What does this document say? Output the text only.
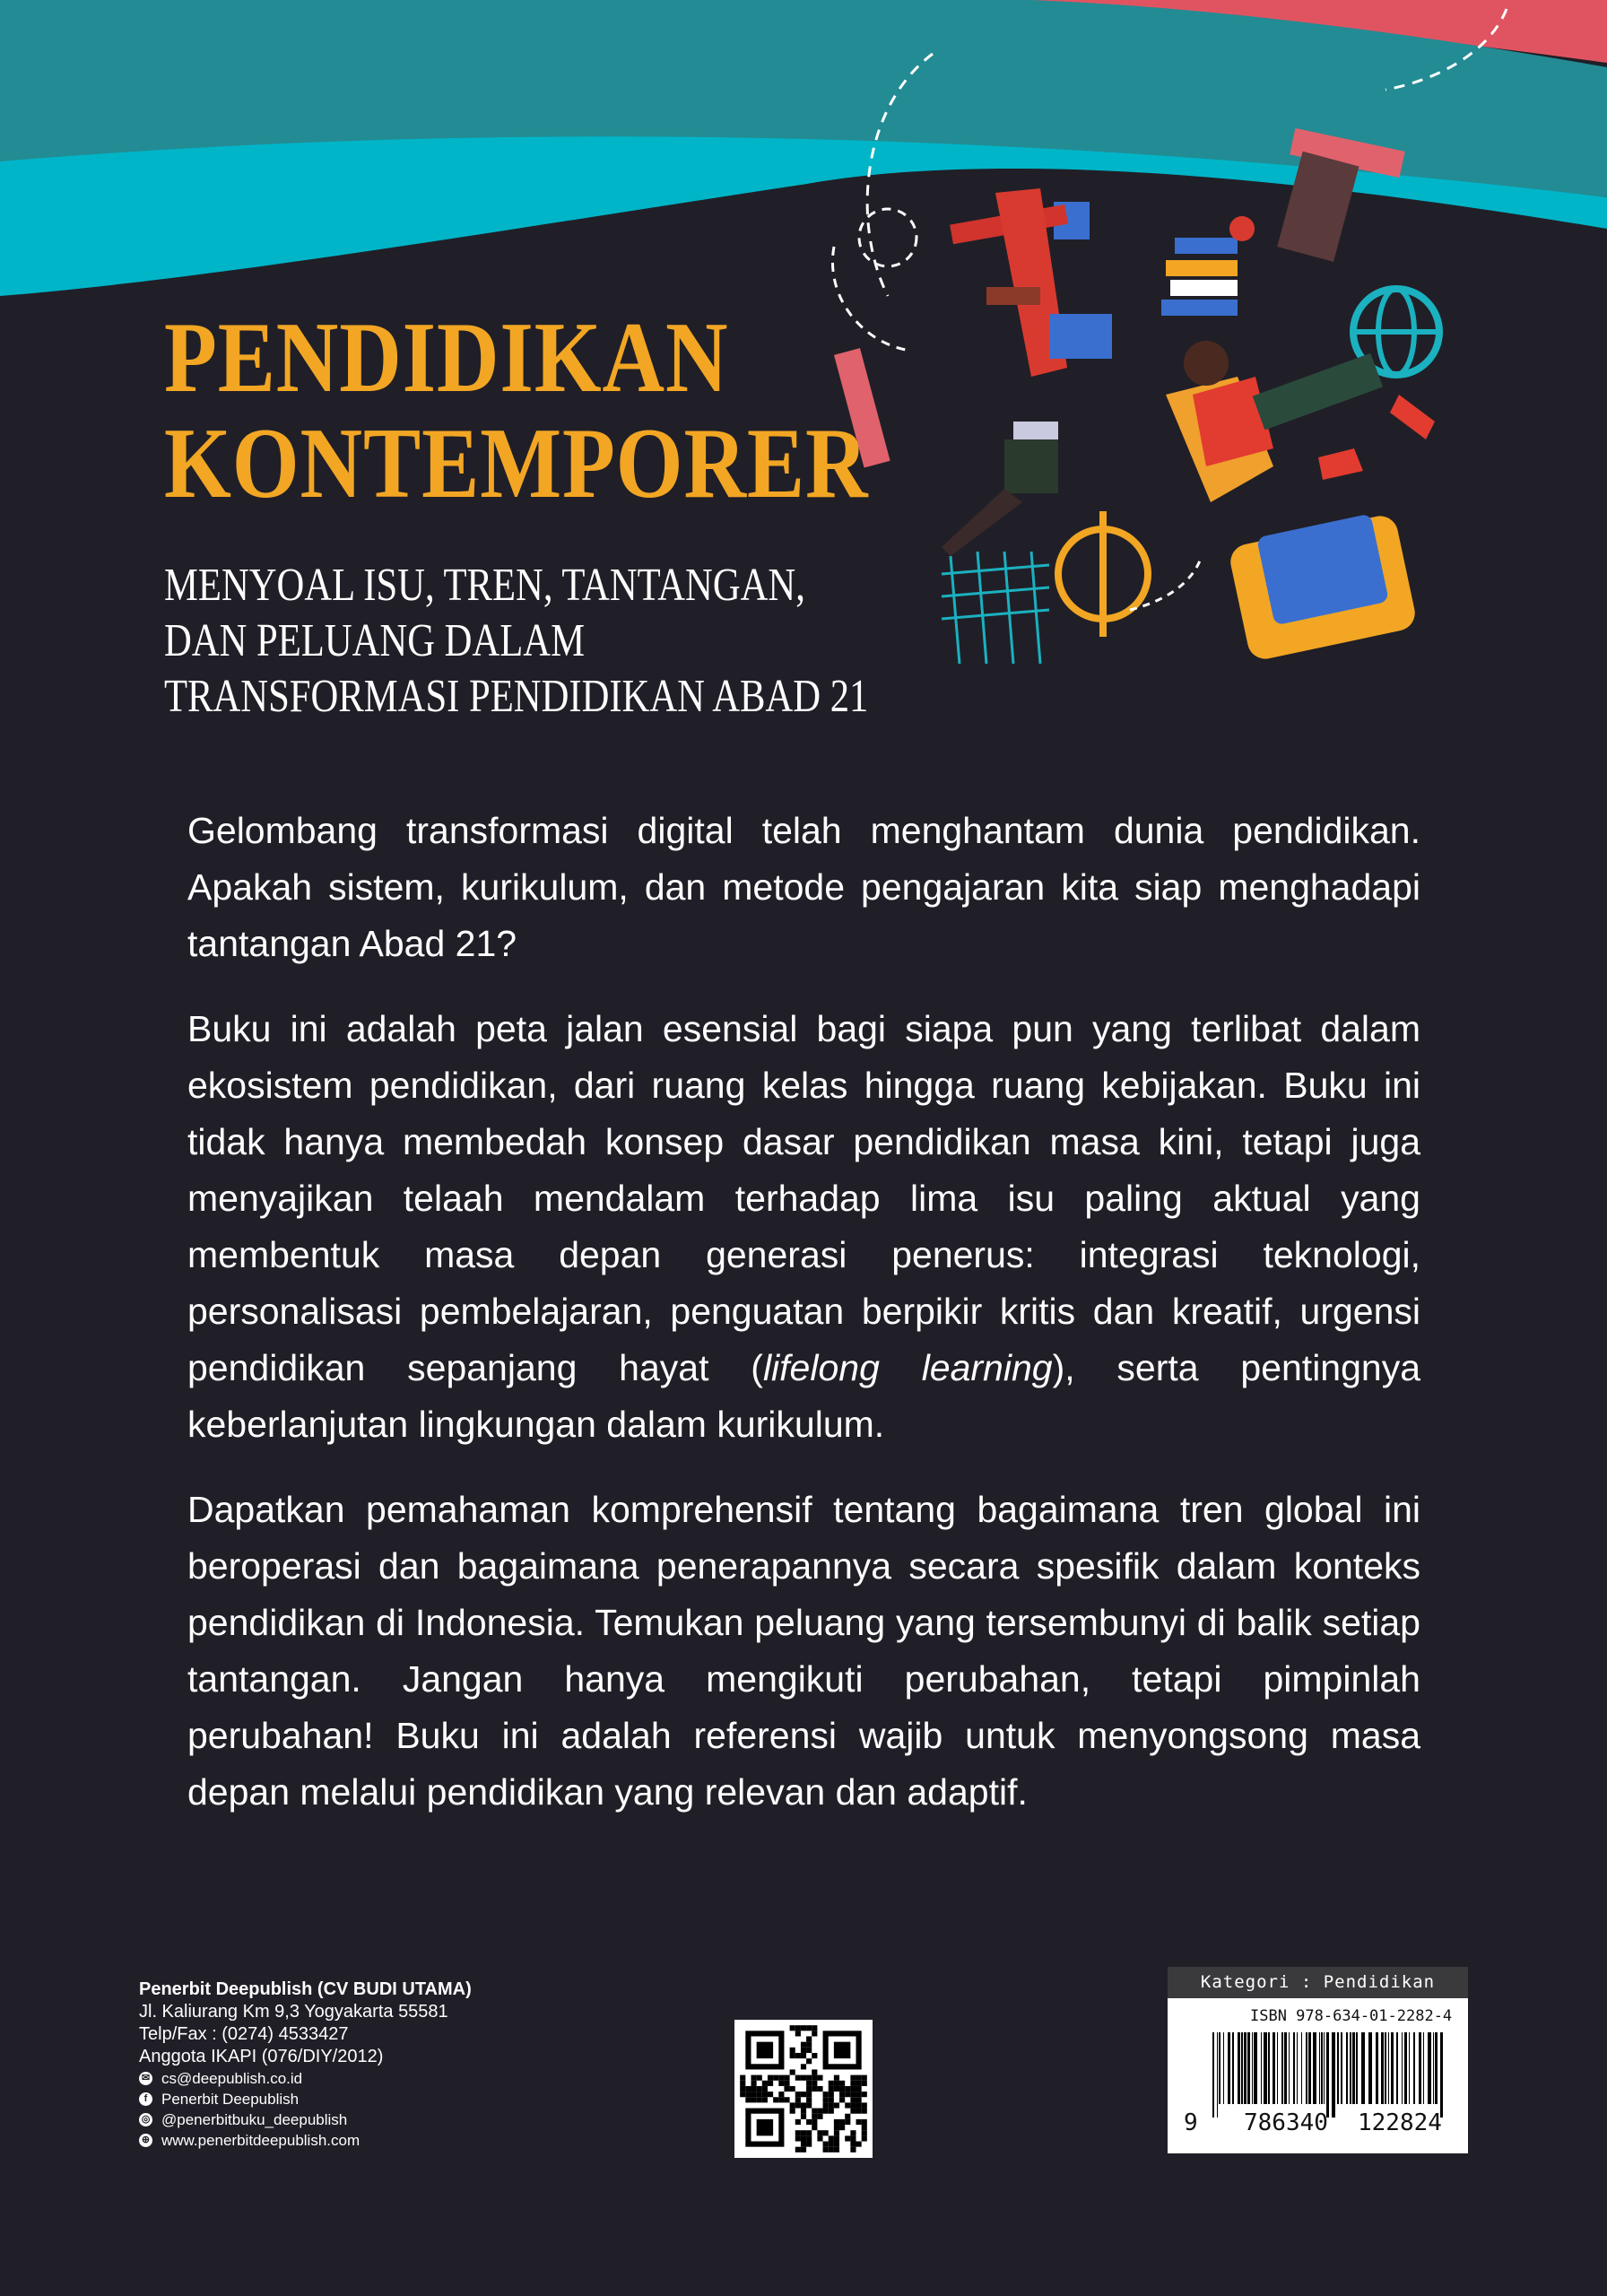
PENDIDIKAN
KONTEMPORER
MENYOAL ISU, TREN, TANTANGAN,
DAN PELUANG DALAM
TRANSFORMASI PENDIDIKAN ABAD 21

Gelombang transformasi digital telah menghantam dunia pendidikan. Apakah sistem, kurikulum, dan metode pengajaran kita siap menghadapi tantangan Abad 21?

Buku ini adalah peta jalan esensial bagi siapa pun yang terlibat dalam ekosistem pendidikan, dari ruang kelas hingga ruang kebijakan. Buku ini tidak hanya membedah konsep dasar pendidikan masa kini, tetapi juga menyajikan telaah mendalam terhadap lima isu paling aktual yang membentuk masa depan generasi penerus: integrasi teknologi, personalisasi pembelajaran, penguatan berpikir kritis dan kreatif, urgensi pendidikan sepanjang hayat (lifelong learning), serta pentingnya keberlanjutan lingkungan dalam kurikulum.

Dapatkan pemahaman komprehensif tentang bagaimana tren global ini beroperasi dan bagaimana penerapannya secara spesifik dalam konteks pendidikan di Indonesia. Temukan peluang yang tersembunyi di balik setiap tantangan. Jangan hanya mengikuti perubahan, tetapi pimpinlah perubahan! Buku ini adalah referensi wajib untuk menyongsong masa depan melalui pendidikan yang relevan dan adaptif.

Penerbit Deepublish (CV BUDI UTAMA)
Jl. Kaliurang Km 9,3 Yogyakarta 55581
Telp/Fax : (0274) 4533427
Anggota IKAPI (076/DIY/2012)
✉ cs@deepublish.co.id
f Penerbit Deepublish
◎ @penerbitbuku_deepublish
⊕ www.penerbitdeepublish.com
Kategori : Pendidikan
ISBN 978-634-01-2282-4
9 786340 122824
